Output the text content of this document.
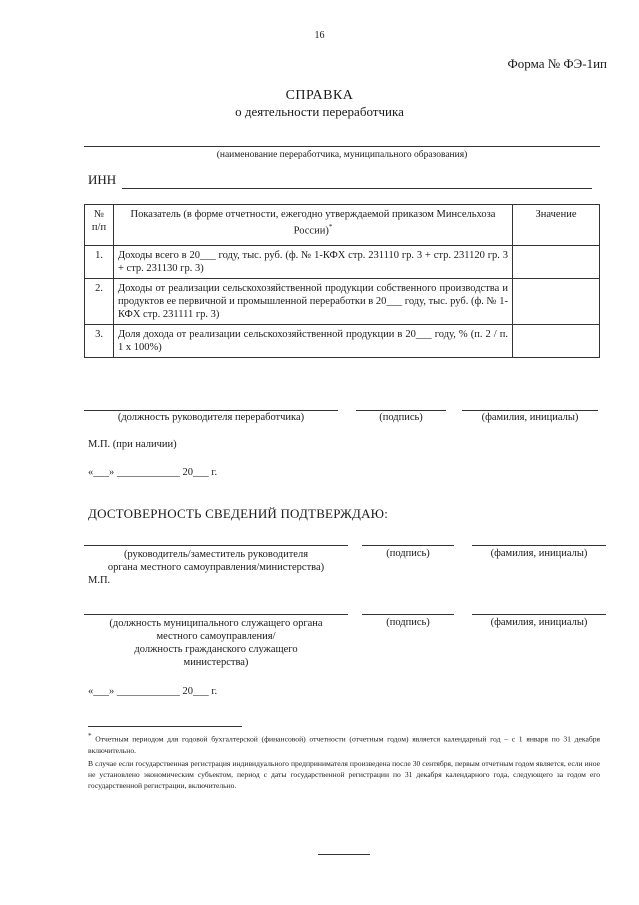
16
Форма № ФЭ-1ип
СПРАВКА
о деятельности переработчика
(наименование переработчика, муниципального образования)
ИНН
№ п/п	Показатель (в форме отчетности, ежегодно утверждаемой приказом Минсельхоза России)*	Значение
1.	Доходы всего в 20___ году, тыс. руб. (ф. № 1-КФХ стр. 231110 гр. 3 + стр. 231120 гр. 3 + стр. 231130 гр. 3)	
2.	Доходы от реализации сельскохозяйственной продукции собственного производства и продуктов ее первичной и промышленной переработки в 20___ году, тыс. руб. (ф. № 1-КФХ стр. 231111 гр. 3)	
3.	Доля дохода от реализации сельскохозяйственной продукции в 20___ году, % (п. 2 / п. 1 х 100%)	
(должность руководителя переработчика)	(подпись)	(фамилия, инициалы)
М.П. (при наличии)
«___» ____________ 20___ г.
ДОСТОВЕРНОСТЬ СВЕДЕНИЙ ПОДТВЕРЖДАЮ:
(руководитель/заместитель руководителя
органа местного самоуправления/министерства)
(подпись)	(фамилия, инициалы)
М.П.
(должность муниципального служащего органа
местного самоуправления/
должность гражданского служащего
министерства)
(подпись)	(фамилия, инициалы)
«___» ____________ 20___ г.
* Отчетным периодом для годовой бухгалтерской (финансовой) отчетности (отчетным годом) является календарный год – с 1 января по 31 декабря включительно.
В случае если государственная регистрация индивидуального предпринимателя произведена после 30 сентября, первым отчетным годом является, если иное не установлено экономическим субъектом, период с даты государственной регистрации по 31 декабря календарного года, следующего за годом его государственной регистрации, включительно.
